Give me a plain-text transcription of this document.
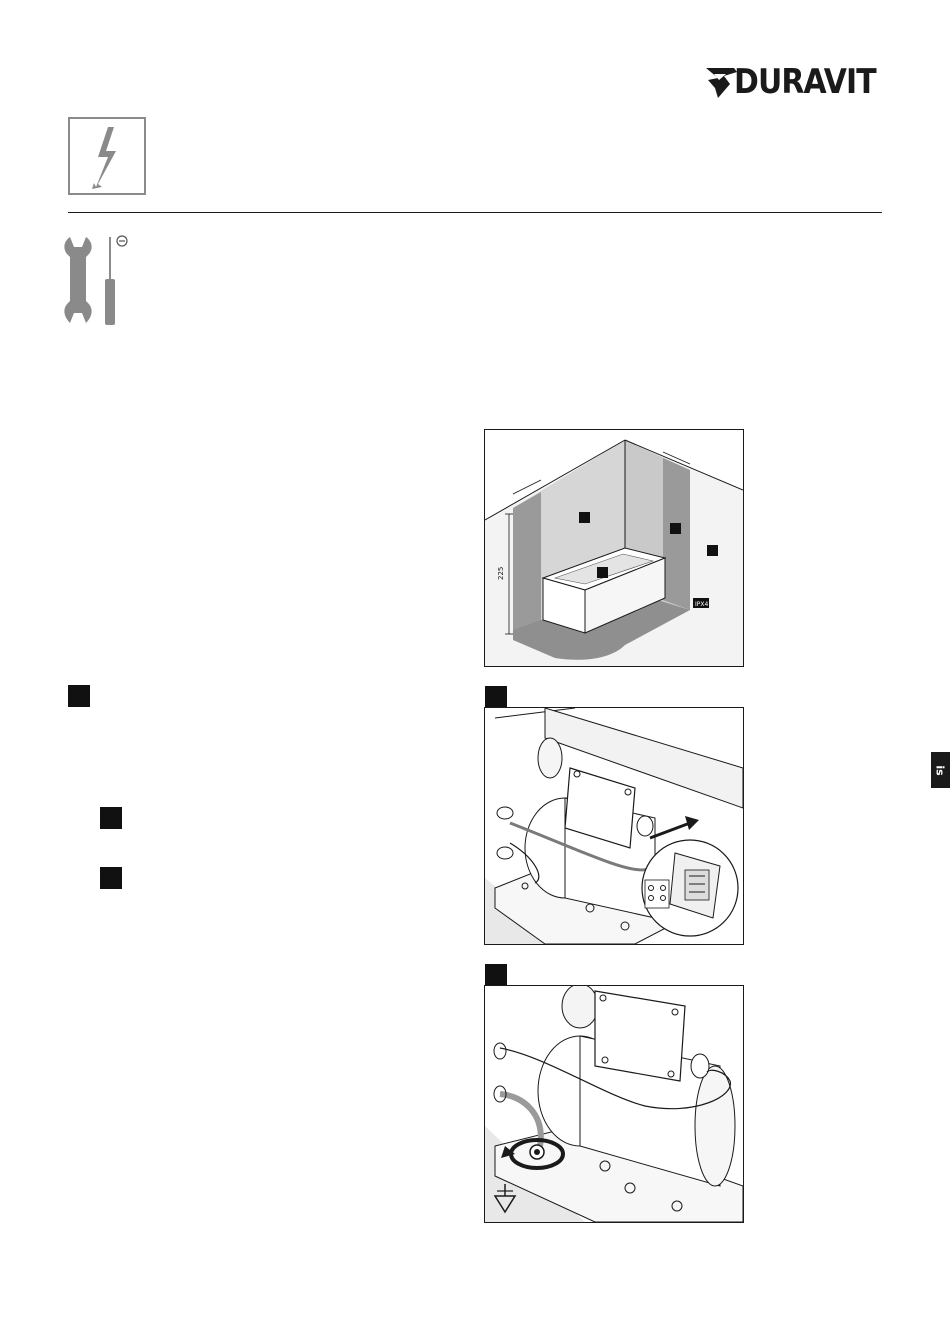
DURAVIT
225
IPX4
is
